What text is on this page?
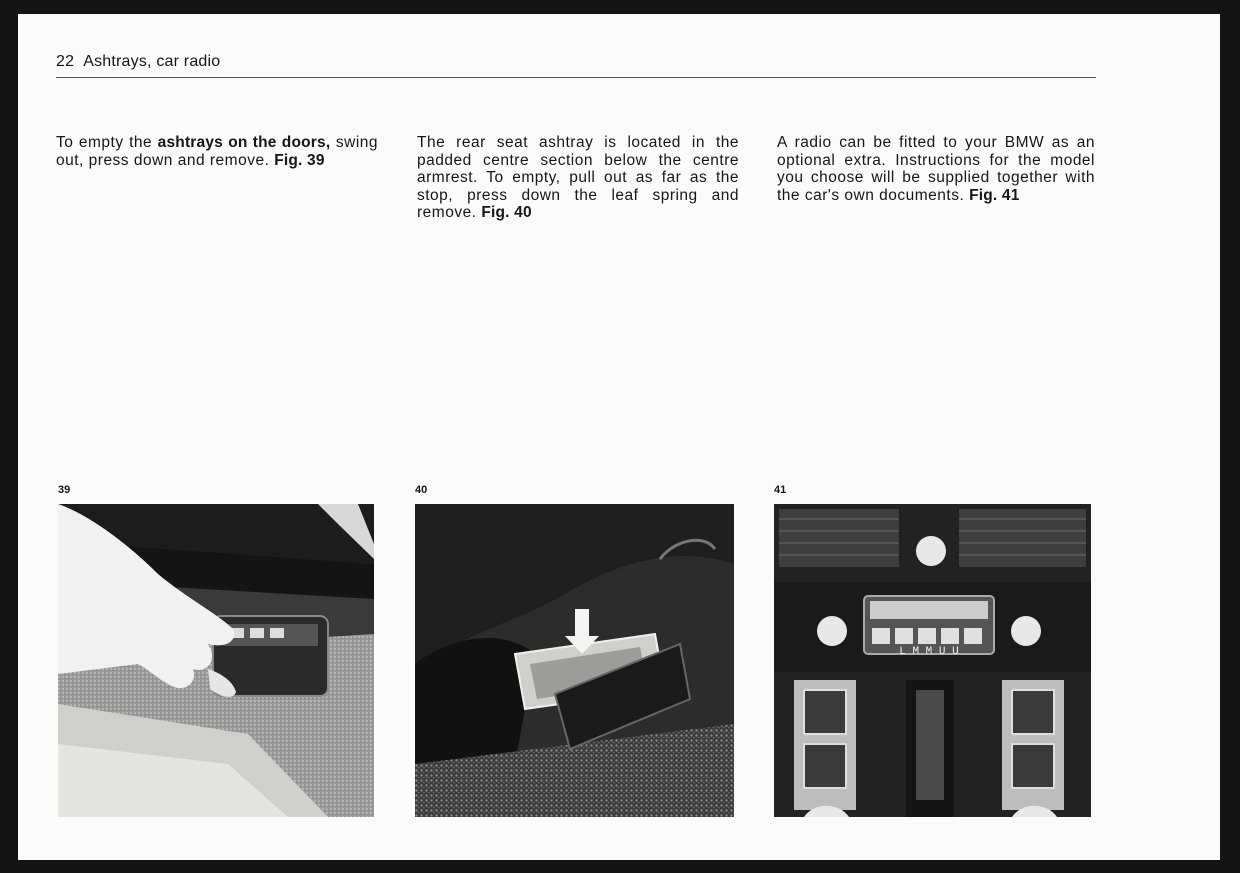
22 Ashtrays, car radio
To empty the ashtrays on the doors, swing out, press down and remove. Fig. 39
The rear seat ashtray is located in the padded centre section below the centre armrest. To empty, pull out as far as the stop, press down the leaf spring and remove. Fig. 40
A radio can be fitted to your BMW as an optional extra. Instructions for the model you choose will be supplied together with the car's own documents. Fig. 41
39	40	41
L M M U U
